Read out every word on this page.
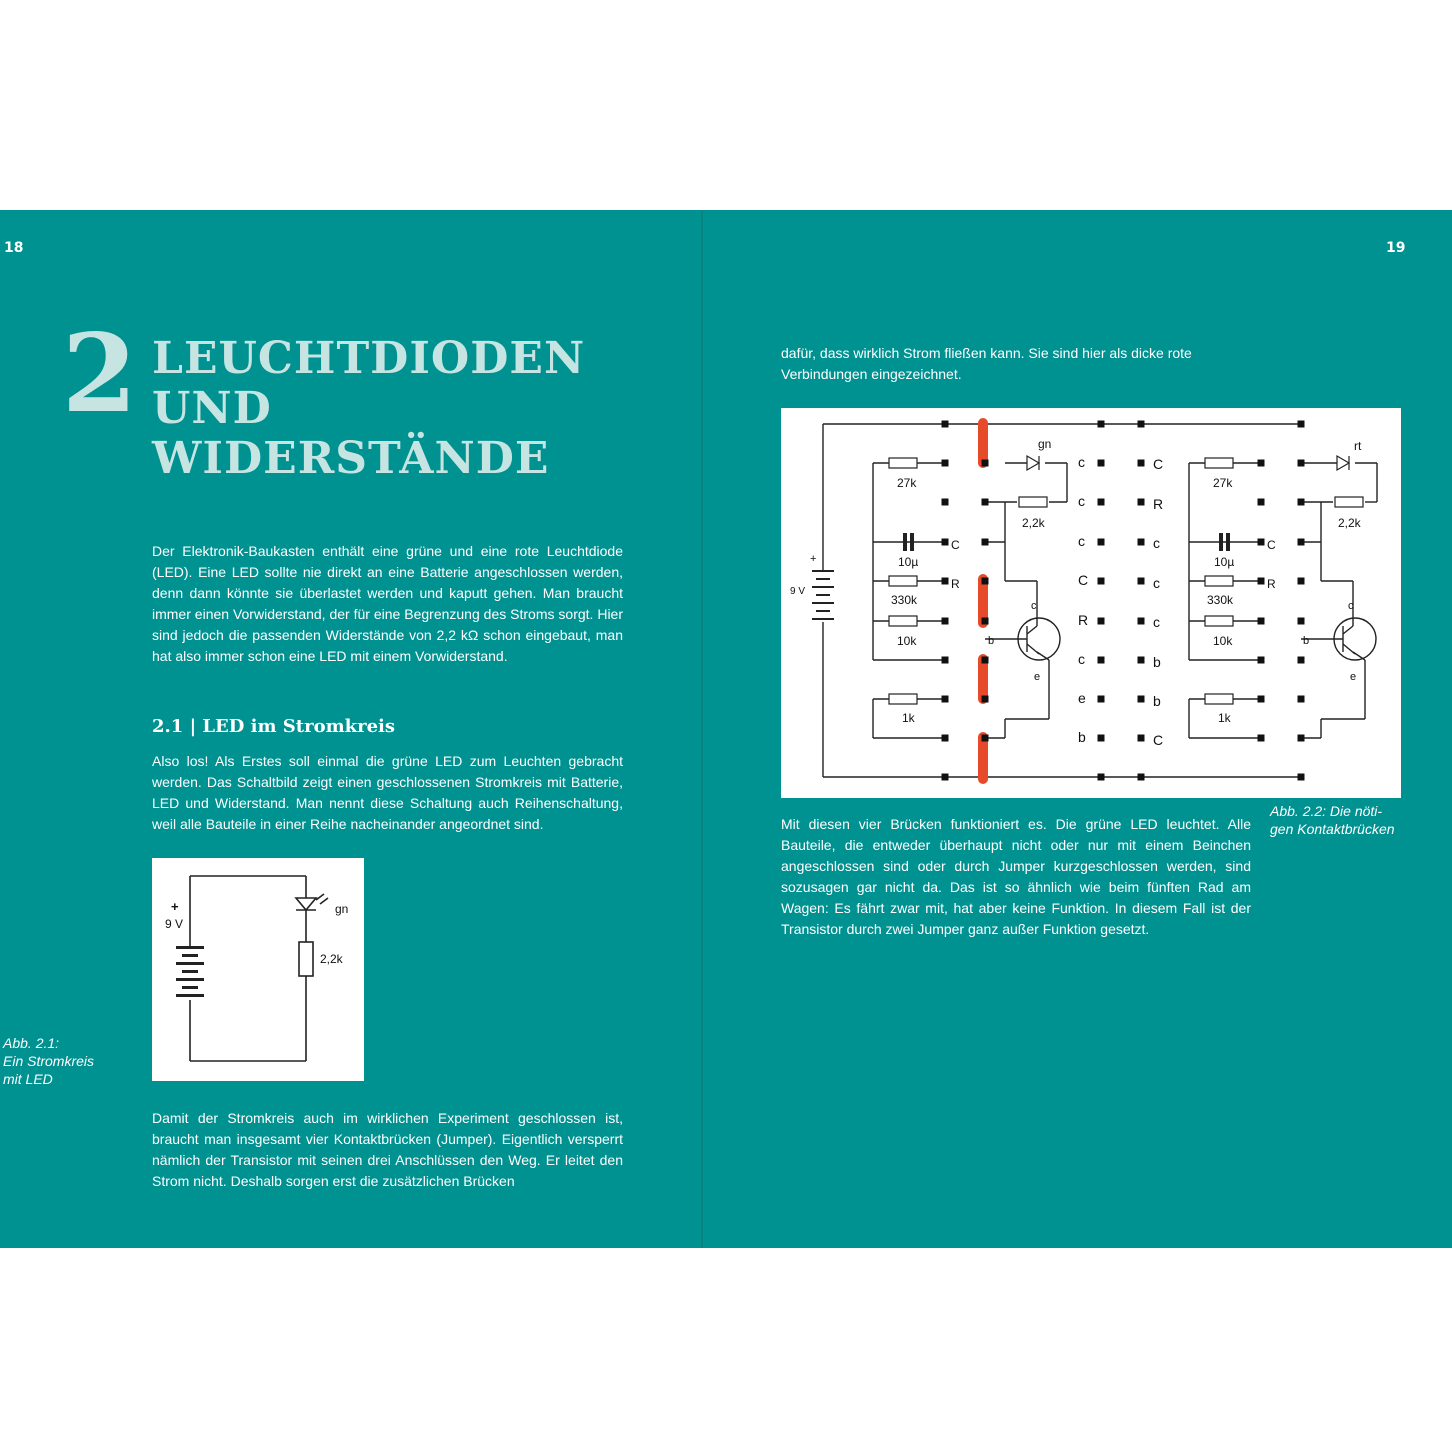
18	19
2 LEUCHTDIODEN
UND
WIDERSTÄNDE
Der Elektronik-Baukasten enthält eine grüne und eine rote Leuchtdiode (LED). Eine LED sollte nie direkt an eine Batterie angeschlossen werden, denn dann könnte sie überlastet werden und kaputt gehen. Man braucht immer einen Vorwiderstand, der für eine Begrenzung des Stroms sorgt. Hier sind jedoch die passenden Widerstände von 2,2 kΩ schon eingebaut, man hat also immer schon eine LED mit einem Vorwiderstand.
2.1 | LED im Stromkreis
Also los! Als Erstes soll einmal die grüne LED zum Leuchten gebracht werden. Das Schaltbild zeigt einen geschlossenen Stromkreis mit Batterie, LED und Widerstand. Man nennt diese Schaltung auch Reihenschaltung, weil alle Bauteile in einer Reihe nacheinander angeordnet sind.
+
9 V
gn
2,2k
Abb. 2.1:
Ein Stromkreis
mit LED
Damit der Stromkreis auch im wirklichen Experiment geschlossen ist, braucht man insgesamt vier Kontaktbrücken (Jumper). Eigentlich versperrt nämlich der Transistor mit seinen drei Anschlüssen den Weg. Er leitet den Strom nicht. Deshalb sorgen erst die zusätzlichen Brücken
dafür, dass wirklich Strom fließen kann. Sie sind hier als dicke rote Verbindungen eingezeichnet.
+
9 V
27k
2,2k
gn
10µ
C
330k
R
10k
c
b
e
1k
27k
2,2k
rt
10µ
C
330k
R
10k
c
b
e
1k
c
c
c
C
R
c
e
b
C
R
c
c
c
b
b
C
Abb. 2.2: Die nöti-
gen Kontaktbrücken
Mit diesen vier Brücken funktioniert es. Die grüne LED leuchtet. Alle Bauteile, die entweder überhaupt nicht oder nur mit einem Beinchen angeschlossen sind oder durch Jumper kurzgeschlossen werden, sind sozusagen gar nicht da. Das ist so ähnlich wie beim fünften Rad am Wagen: Es fährt zwar mit, hat aber keine Funktion. In diesem Fall ist der Transistor durch zwei Jumper ganz außer Funktion gesetzt.
